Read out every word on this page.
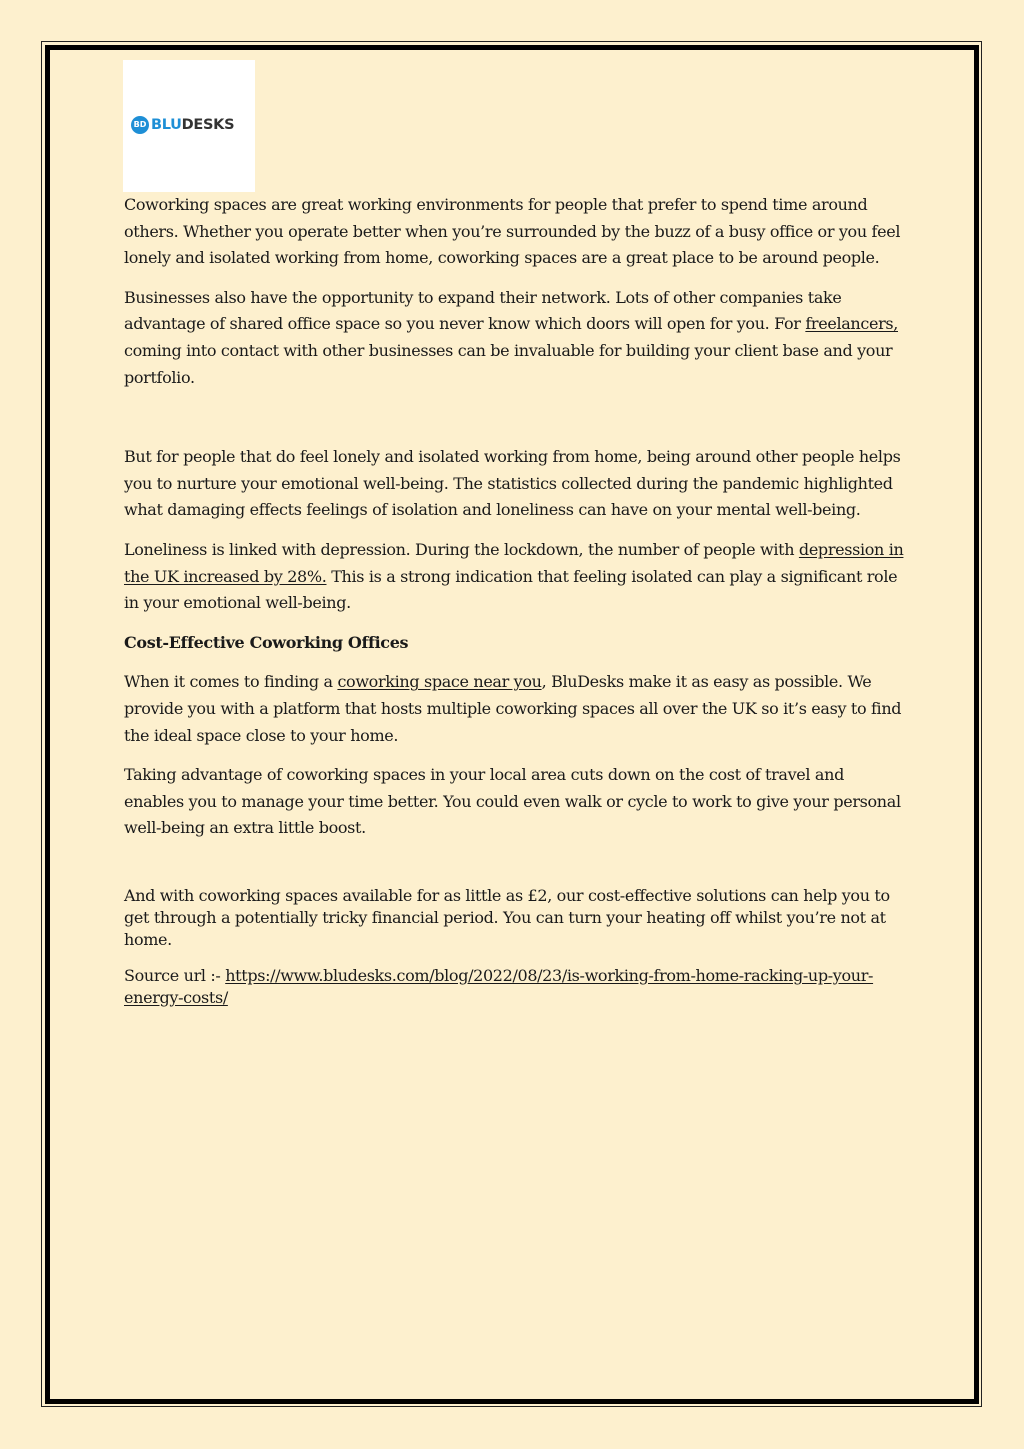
BD BLUDESKS

Coworking spaces are great working environments for people that prefer to spend time around others. Whether you operate better when you’re surrounded by the buzz of a busy office or you feel lonely and isolated working from home, coworking spaces are a great place to be around people.

Businesses also have the opportunity to expand their network. Lots of other companies take advantage of shared office space so you never know which doors will open for you. For freelancers, coming into contact with other businesses can be invaluable for building your client base and your portfolio.

But for people that do feel lonely and isolated working from home, being around other people helps you to nurture your emotional well-being. The statistics collected during the pandemic highlighted what damaging effects feelings of isolation and loneliness can have on your mental well-being.

Loneliness is linked with depression. During the lockdown, the number of people with depression in the UK increased by 28%. This is a strong indication that feeling isolated can play a significant role in your emotional well-being.

Cost-Effective Coworking Offices

When it comes to finding a coworking space near you, BluDesks make it as easy as possible. We provide you with a platform that hosts multiple coworking spaces all over the UK so it’s easy to find the ideal space close to your home.

Taking advantage of coworking spaces in your local area cuts down on the cost of travel and enables you to manage your time better. You could even walk or cycle to work to give your personal well-being an extra little boost.

And with coworking spaces available for as little as £2, our cost-effective solutions can help you to get through a potentially tricky financial period. You can turn your heating off whilst you’re not at home.

Source url :- https://www.bludesks.com/blog/2022/08/23/is-working-from-home-racking-up-your-energy-costs/
